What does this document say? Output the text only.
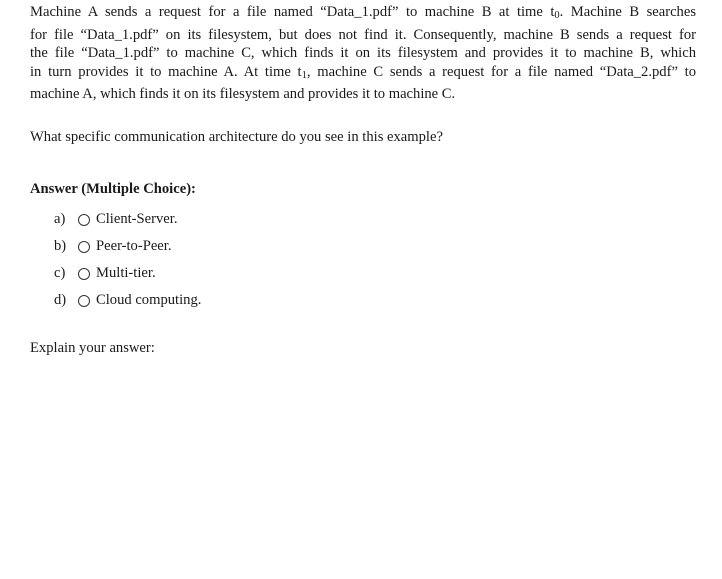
Machine A sends a request for a file named “Data_1.pdf” to machine B at time t0. Machine B searches
for file “Data_1.pdf” on its filesystem, but does not find it. Consequently, machine B sends a request for
the file “Data_1.pdf” to machine C, which finds it on its filesystem and provides it to machine B, which
in turn provides it to machine A. At time t1, machine C sends a request for a file named “Data_2.pdf” to
machine A, which finds it on its filesystem and provides it to machine C.

What specific communication architecture do you see in this example?

Answer (Multiple Choice):

a)	Client-Server.
b)	Peer-to-Peer.
c)	Multi-tier.
d)	Cloud computing.

Explain your answer:
